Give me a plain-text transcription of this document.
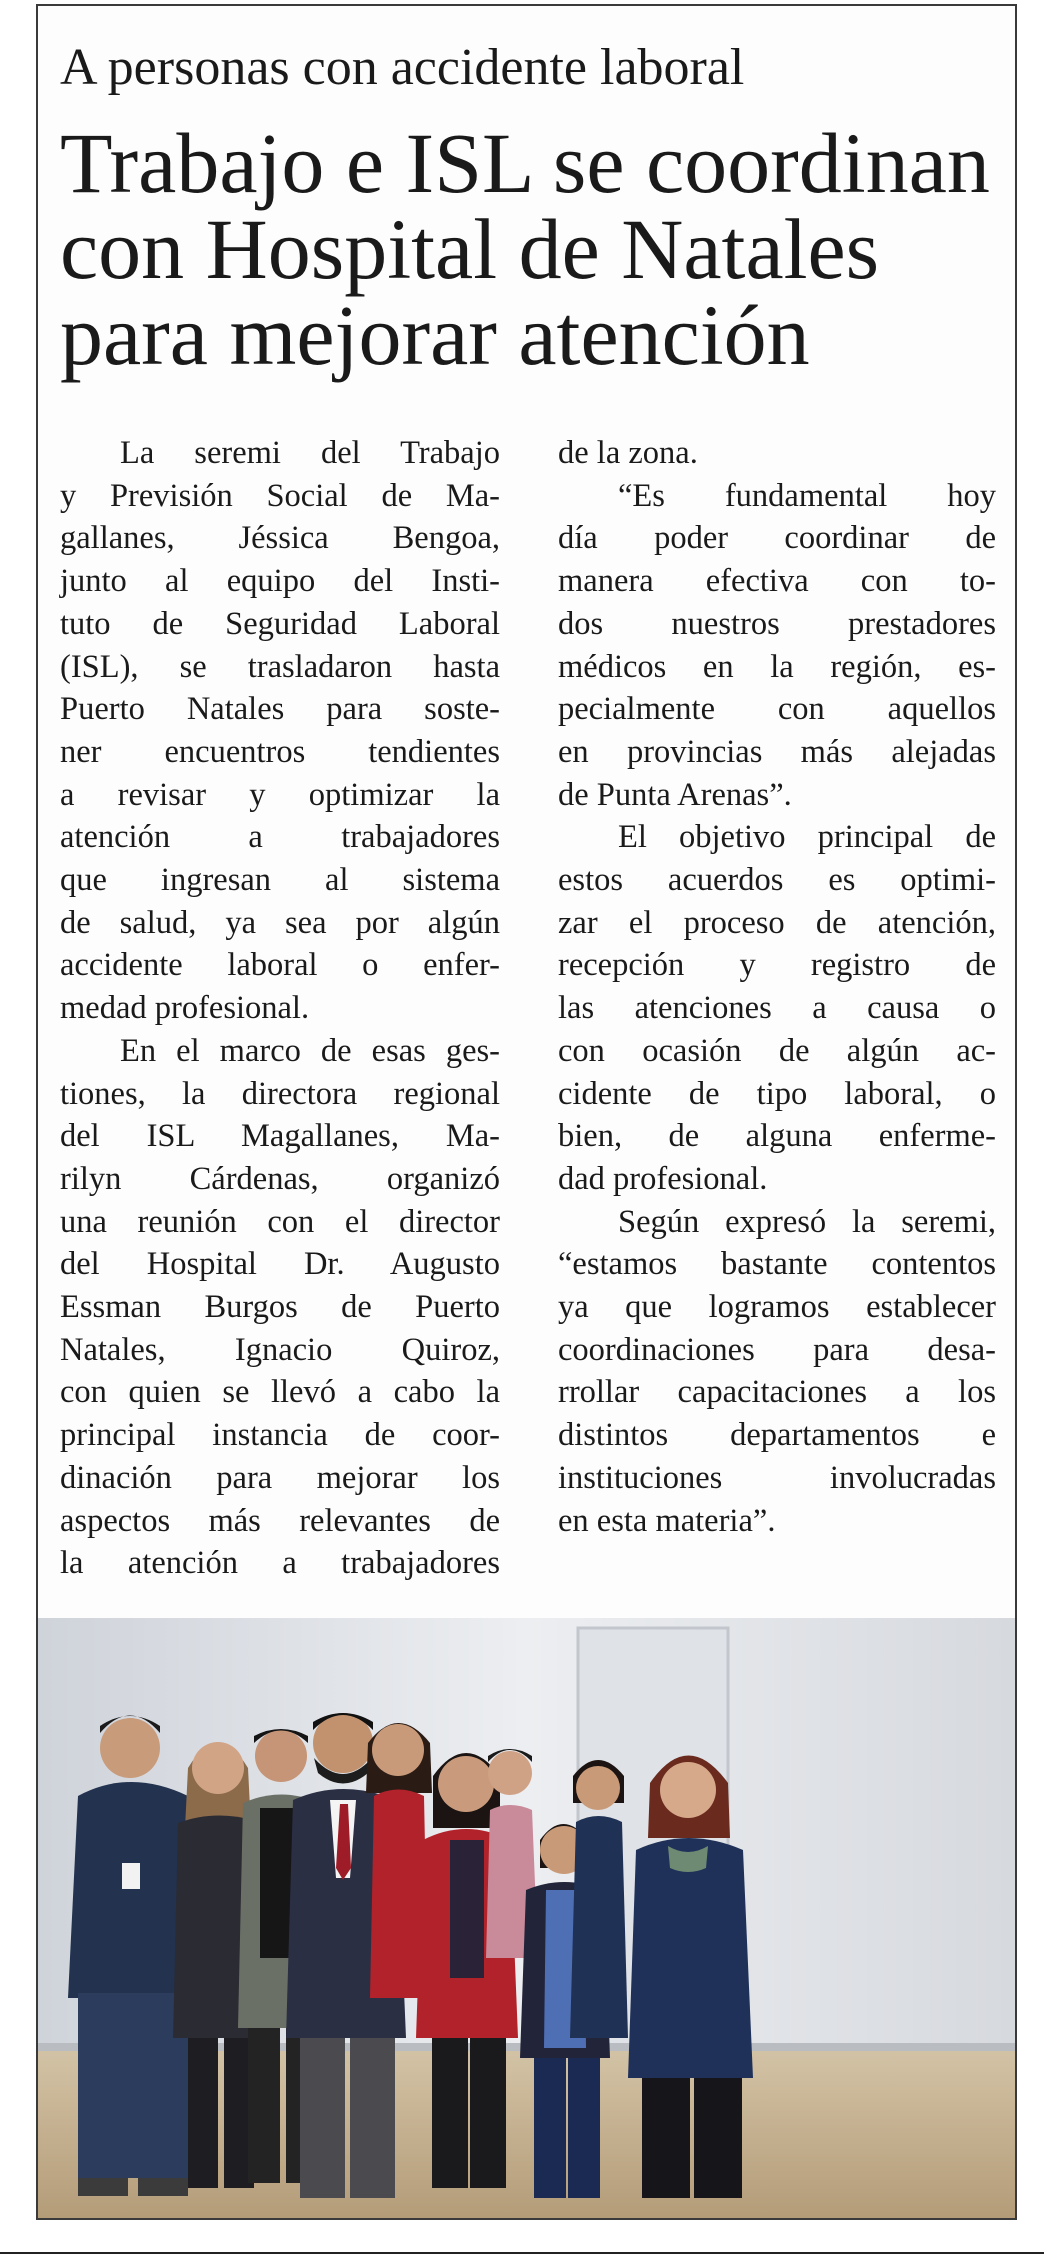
A personas con accidente laboral
Trabajo e ISL se coordinan
con Hospital de Natales
para mejorar atención
La seremi del Trabajo
y Previsión Social de Ma-
gallanes, Jéssica Bengoa,
junto al equipo del Insti-
tuto de Seguridad Laboral
(ISL), se trasladaron hasta
Puerto Natales para soste-
ner encuentros tendientes
a revisar y optimizar la
atención a trabajadores
que ingresan al sistema
de salud, ya sea por algún
accidente laboral o enfer-
medad profesional.
En el marco de esas ges-
tiones, la directora regional
del ISL Magallanes, Ma-
rilyn Cárdenas, organizó
una reunión con el director
del Hospital Dr. Augusto
Essman Burgos de Puerto
Natales, Ignacio Quiroz,
con quien se llevó a cabo la
principal instancia de coor-
dinación para mejorar los
aspectos más relevantes de
la atención a trabajadores
de la zona.
“Es fundamental hoy
día poder coordinar de
manera efectiva con to-
dos nuestros prestadores
médicos en la región, es-
pecialmente con aquellos
en provincias más alejadas
de Punta Arenas”.
El objetivo principal de
estos acuerdos es optimi-
zar el proceso de atención,
recepción y registro de
las atenciones a causa o
con ocasión de algún ac-
cidente de tipo laboral, o
bien, de alguna enferme-
dad profesional.
Según expresó la seremi,
“estamos bastante contentos
ya que logramos establecer
coordinaciones para desa-
rrollar capacitaciones a los
distintos departamentos e
instituciones involucradas
en esta materia”.
